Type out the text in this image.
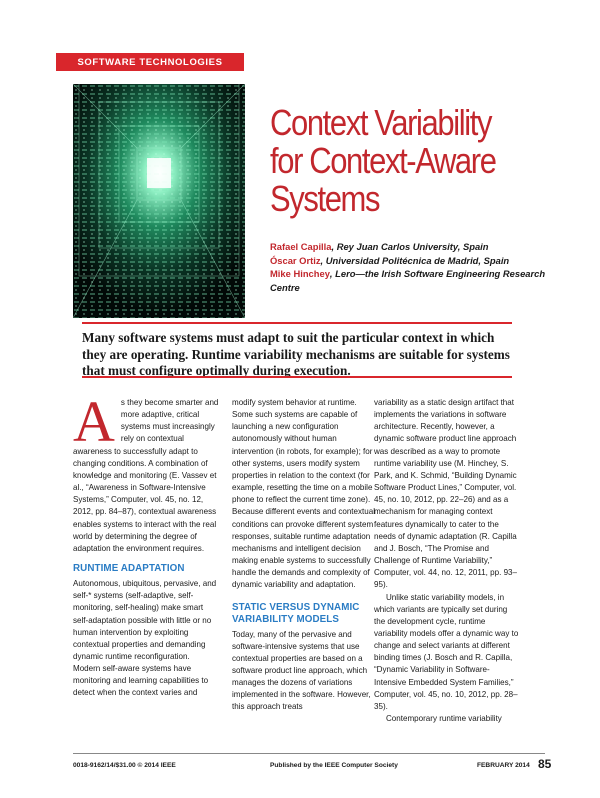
SOFTWARE TECHNOLOGIES
Context Variability
for Context-Aware
Systems
Rafael Capilla, Rey Juan Carlos University, Spain
Óscar Ortiz, Universidad Politécnica de Madrid, Spain
Mike Hinchey, Lero—the Irish Software Engineering Research Centre
Many software systems must adapt to suit the particular context in which they are operating. Runtime variability mechanisms are suitable for systems that must configure optimally during execution.

As they become smarter and more adaptive, critical systems must increasingly rely on contextual awareness to successfully adapt to changing conditions. A combination of knowledge and monitoring (E. Vassev et al., “Awareness in Software-Intensive Systems,” Computer, vol. 45, no. 12, 2012, pp. 84–87), contextual awareness enables systems to interact with the real world by determining the degree of adaptation the environment requires.

RUNTIME ADAPTATION

Autonomous, ubiquitous, pervasive, and self-* systems (self-adaptive, self-monitoring, self-healing) make smart self-adaptation possible with little or no human intervention by exploiting contextual properties and demanding dynamic runtime reconfiguration. Modern self-aware systems have monitoring and learning capabilities to detect when the context varies and

modify system behavior at runtime. Some such systems are capable of launching a new configuration autonomously without human intervention (in robots, for example); for other systems, users modify system properties in relation to the context (for example, resetting the time on a mobile phone to reflect the current time zone). Because different events and contextual conditions can provoke different system responses, suitable runtime adaptation mechanisms and intelligent decision making enable systems to successfully handle the demands and complexity of dynamic variability and adaptation.

STATIC VERSUS DYNAMIC VARIABILITY MODELS

Today, many of the pervasive and software-intensive systems that use contextual properties are based on a software product line approach, which manages the dozens of variations implemented in the software. However, this approach treats

variability as a static design artifact that implements the variations in software architecture. Recently, however, a dynamic software product line approach was described as a way to promote runtime variability use (M. Hinchey, S. Park, and K. Schmid, “Building Dynamic Software Product Lines,” Computer, vol. 45, no. 10, 2012, pp. 22–26) and as a mechanism for managing context features dynamically to cater to the needs of dynamic adaptation (R. Capilla and J. Bosch, “The Promise and Challenge of Runtime Variability,” Computer, vol. 44, no. 12, 2011, pp. 93–95).

Unlike static variability models, in which variants are typically set during the development cycle, runtime variability models offer a dynamic way to change and select variants at different binding times (J. Bosch and R. Capilla, “Dynamic Variability in Software-Intensive Embedded System Families,” Computer, vol. 45, no. 10, 2012, pp. 28–35).

Contemporary runtime variability

0018-9162/14/$31.00 © 2014 IEEE	Published by the IEEE Computer Society	FEBRUARY 2014 85
